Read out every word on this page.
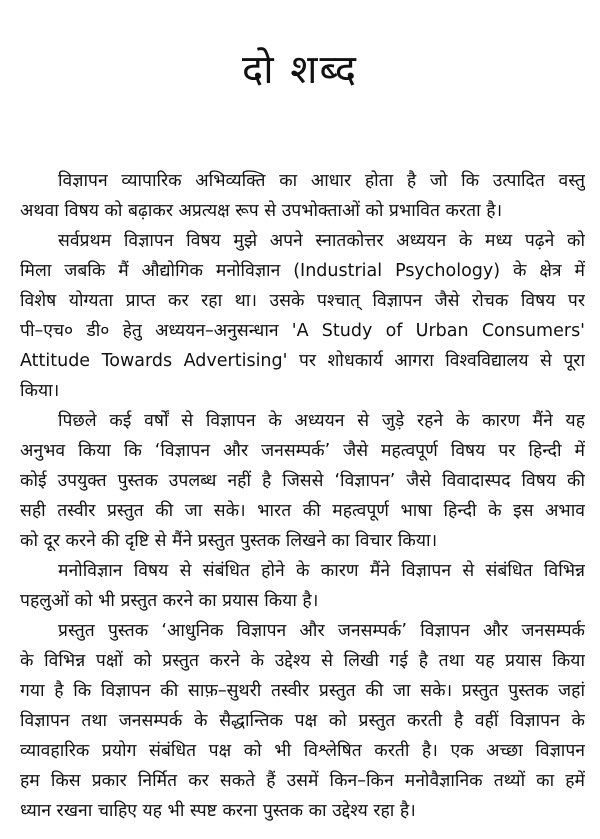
दो शब्द
विज्ञापन व्यापारिक अभिव्यक्ति का आधार होता है जो कि उत्पादित वस्तु
अथवा विषय को बढ़ाकर अप्रत्यक्ष रूप से उपभोक्ताओं को प्रभावित करता है।
सर्वप्रथम विज्ञापन विषय मुझे अपने स्नातकोत्तर अध्ययन के मध्य पढ़ने को
मिला जबकि मैं औद्योगिक मनोविज्ञान (Industrial Psychology) के क्षेत्र में
विशेष योग्यता प्राप्त कर रहा था। उसके पश्चात् विज्ञापन जैसे रोचक विषय पर
पी–एच० डी० हेतु अध्ययन–अनुसन्धान 'A Study of Urban Consumers'
Attitude Towards Advertising' पर शोधकार्य आगरा विश्वविद्यालय से पूरा
किया।
पिछले कई वर्षों से विज्ञापन के अध्ययन से जुड़े रहने के कारण मैंने यह
अनुभव किया कि ‘विज्ञापन और जनसम्पर्क’ जैसे महत्वपूर्ण विषय पर हिन्दी में
कोई उपयुक्त पुस्तक उपलब्ध नहीं है जिससे ‘विज्ञापन’ जैसे विवादास्पद विषय की
सही तस्वीर प्रस्तुत की जा सके। भारत की महत्वपूर्ण भाषा हिन्दी के इस अभाव
को दूर करने की दृष्टि से मैंने प्रस्तुत पुस्तक लिखने का विचार किया।
मनोविज्ञान विषय से संबंधित होने के कारण मैंने विज्ञापन से संबंधित विभिन्न
पहलुओं को भी प्रस्तुत करने का प्रयास किया है।
प्रस्तुत पुस्तक ‘आधुनिक विज्ञापन और जनसम्पर्क’ विज्ञापन और जनसम्पर्क
के विभिन्न पक्षों को प्रस्तुत करने के उद्देश्य से लिखी गई है तथा यह प्रयास किया
गया है कि विज्ञापन की साफ़–सुथरी तस्वीर प्रस्तुत की जा सके। प्रस्तुत पुस्तक जहां
विज्ञापन तथा जनसम्पर्क के सैद्धान्तिक पक्ष को प्रस्तुत करती है वहीं विज्ञापन के
व्यावहारिक प्रयोग संबंधित पक्ष को भी विश्लेषित करती है। एक अच्छा विज्ञापन
हम किस प्रकार निर्मित कर सकते हैं उसमें किन–किन मनोवैज्ञानिक तथ्यों का हमें
ध्यान रखना चाहिए यह भी स्पष्ट करना पुस्तक का उद्देश्य रहा है।
